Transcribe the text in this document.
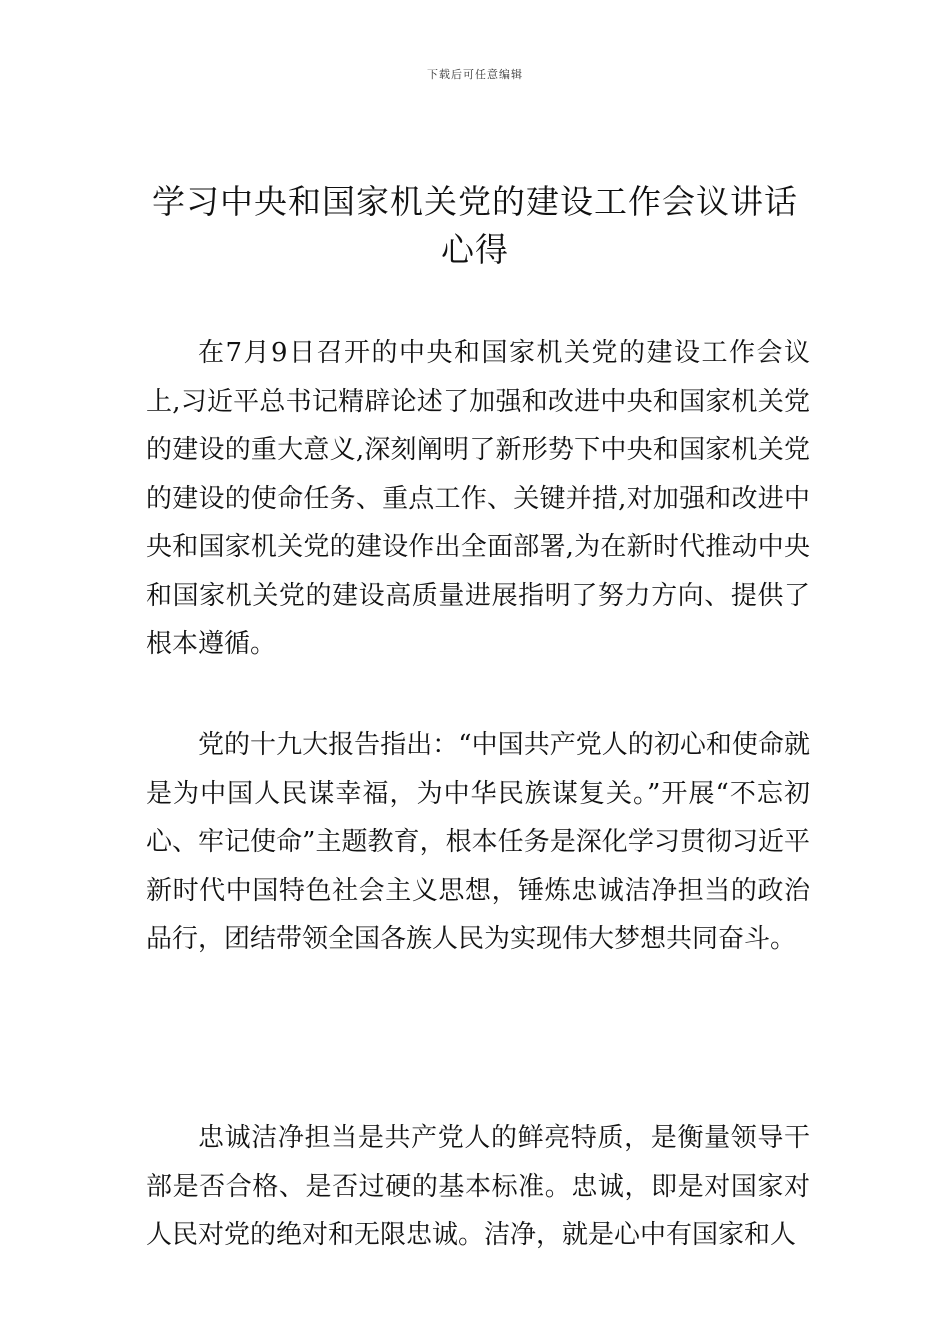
下载后可任意编辑
学习中央和国家机关党的建设工作会议讲话心得

在7月9日召开的中央和国家机关党的建设工作会议上,习近平总书记精辟论述了加强和改进中央和国家机关党的建设的重大意义,深刻阐明了新形势下中央和国家机关党的建设的使命任务、重点工作、关键并措,对加强和改进中央和国家机关党的建设作出全面部署,为在新时代推动中央和国家机关党的建设高质量进展指明了努力方向、提供了根本遵循。

党的十九大报告指出：“中国共产党人的初心和使命就是为中国人民谋幸福，为中华民族谋复关。”开展“不忘初心、牢记使命”主题教育，根本任务是深化学习贯彻习近平新时代中国特色社会主义思想，锤炼忠诚洁净担当的政治品行，团结带领全国各族人民为实现伟大梦想共同奋斗。

忠诚洁净担当是共产党人的鲜亮特质，是衡量领导干部是否合格、是否过硬的基本标准。忠诚，即是对国家对人民对党的绝对和无限忠诚。洁净，就是心中有国家和人
